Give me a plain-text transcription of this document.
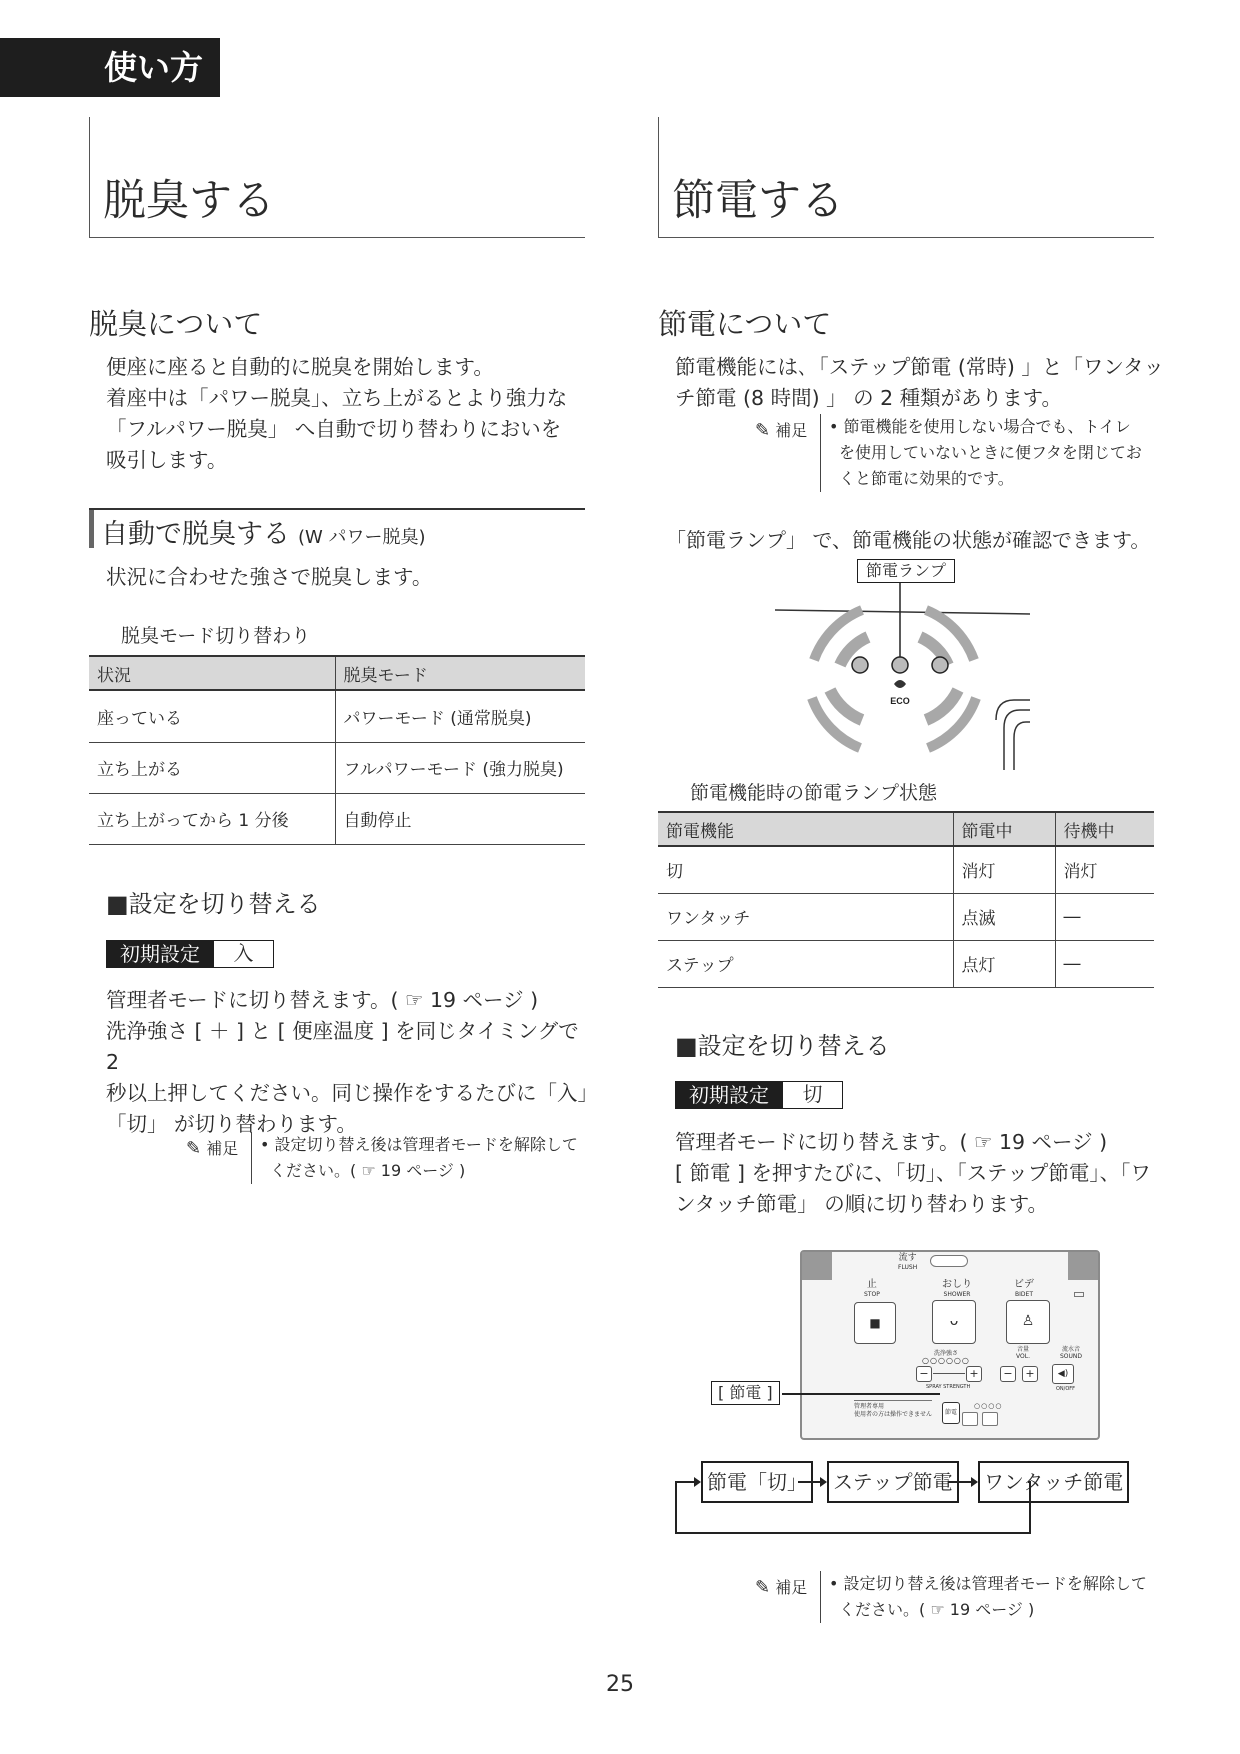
使い方
脱臭する
脱臭について
便座に座ると自動的に脱臭を開始します。
着座中は「パワー脱臭」、立ち上がるとより強力な
「フルパワー脱臭」 へ自動で切り替わりにおいを
吸引します。
自動で脱臭する (W パワー脱臭)
状況に合わせた強さで脱臭します。
脱臭モード切り替わり
状況	脱臭モード
座っている	パワーモード (通常脱臭)
立ち上がる	フルパワーモード (強力脱臭)
立ち上がってから 1 分後	自動停止
■設定を切り替える
初期設定	入
管理者モードに切り替えます。( ☞ 19 ページ )
洗浄強さ [ ＋ ] と [ 便座温度 ] を同じタイミングで 2
秒以上押してください。同じ操作をするたびに「入」
「切」 が切り替わります。
✎ 補足 • 設定切り替え後は管理者モードを解除して
ください。( ☞ 19 ページ )
節電する
節電について
節電機能には､「ステップ節電 (常時) 」と「ワンタッ
チ節電 (8 時間) 」 の 2 種類があります。
✎ 補足 • 節電機能を使用しない場合でも、トイレ
を使用していないときに便フタを閉じてお
くと節電に効果的です。
「節電ランプ」 で、節電機能の状態が確認できます。
節電ランプ
ECO
節電機能時の節電ランプ状態
節電機能	節電中	待機中
切	消灯	消灯
ワンタッチ	点滅	―
ステップ	点灯	―
■設定を切り替える
初期設定	切
管理者モードに切り替えます。( ☞ 19 ページ )
[ 節電 ] を押すたびに、「切」、「ステップ節電」、「ワ
ンタッチ節電」 の順に切り替わります。
流す
FLUSH
止
STOP
おしり
SHOWER
ビデ
BIDET
■	ᴗ	♙
洗浄強さ
○○○○○○
−	+
SPRAY STRENGTH
音量
VOL.
−	+
流水音
SOUND
◀)
ON/OFF
管理者専用
使用者の方は操作できません
○○○○
節電
[ 節電 ]
節電「切」	ステップ節電	ワンタッチ節電
✎ 補足 • 設定切り替え後は管理者モードを解除して
ください。( ☞ 19 ページ )
25
